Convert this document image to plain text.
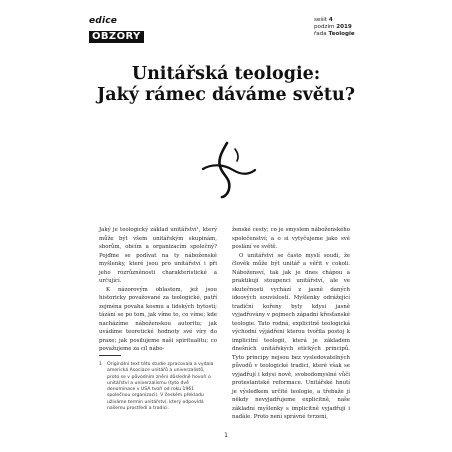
edice
OBZORY
sešit 4
podzim 2019
řada Teologie
Unitářská teologie:
Jaký rámec dáváme světu?

Jaký je teologický základ unitářství¹, který může být všem unitářským skupinám, sborům, obcím a organizacím společný? Pojďme se podívat na ty náboženské myšlenky, které jsou pro unitářství i při jeho rozrůzněnosti charakteristické a určující.

K názorovým oblastem, jež jsou historicky považované za teologické, patří zejména povaha kosmu a lidských bytostí; tázání se po tom, jak víme to, co víme; kde nacházíme náboženskou autoritu; jak uvádíme teoretické hodnoty své víry do praxe; jak posilujeme naši spiritualitu; co považujeme za cíl nábo-

ženské cesty; co je smyslem náboženského společenství; a o si vytyčujeme jako své poslání ve světě.

O unitářství se často myslí soudí, že člověk může být unitář a věřit v cokoli. Nábožensví, tak jak je dnes chápou a praktikují stoupenci unitářství, ale ve skutečnosti vychází z jasně daných ideových souvislostí. Myšlenky odrážející tradiční kořeny byly kdysi jasně vyjadřovány v pojmech západní křesťanské teologie. Tato rodná, explicitně teologická východní výjádřeni kterou tvořila postoj k implicitní teologii, která je základem dnešních unitářských etických principů. Tyto principy nejsou bez vysledovatelných původů v teologické tradici, které však se vyjadřují i kdysi nově, svobodomyslné vůči protestantské reformace. Unitářské hnutí je výsledkem určité teologie, a třebaže jí někdy nevyjadřujeme explicitně, naše základní myšlenky s implicitně vyjadřují i nadále. Proto není správné tvrzení,

1	Originální text této studie zpracovala a vydala americká Asociace unitářů a univerzalistů, proto se v původním znění důsledně hovoří o unitářství a univerzalismu (tyto dvě denominace v USA tvoří od roku 1961 společnou organizaci). V českém překladu užíváme termín unitářství, který odpovídá našemu prostředí a tradici.
1
